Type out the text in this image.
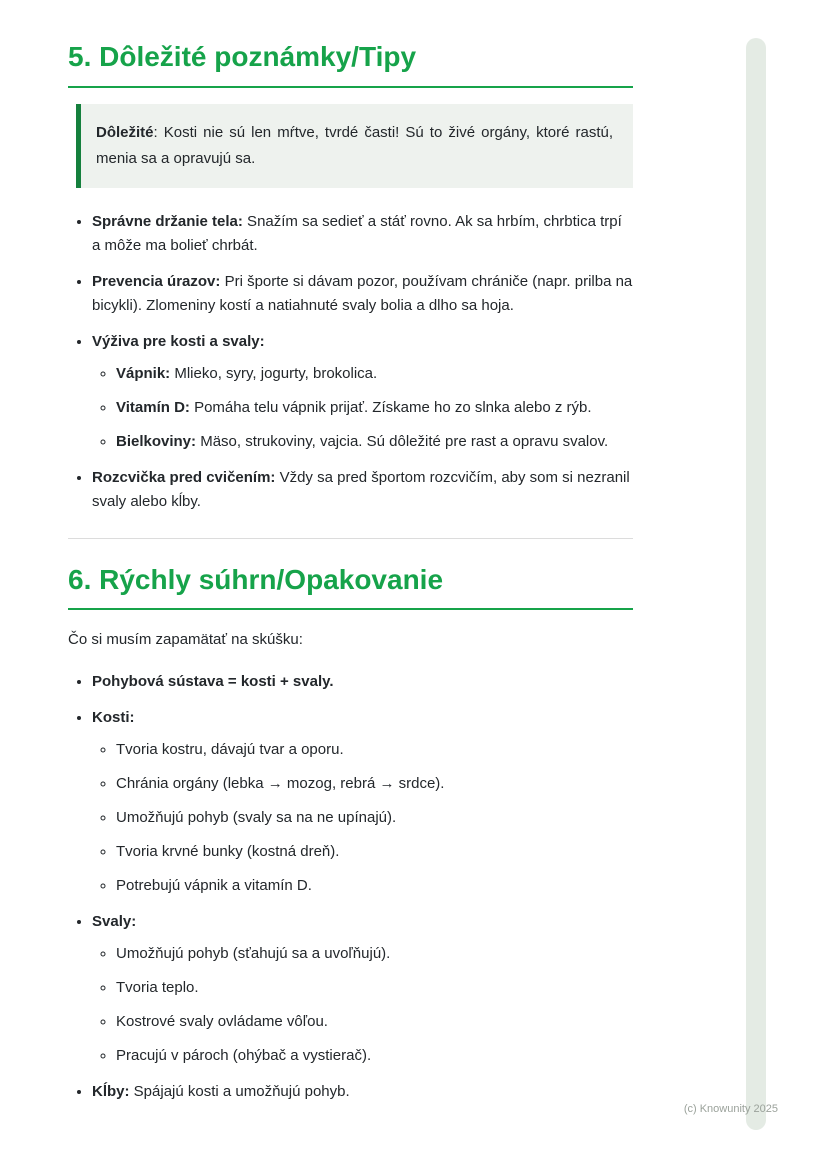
5. Dôležité poznámky/Tipy
Dôležité: Kosti nie sú len mŕtve, tvrdé časti! Sú to živé orgány, ktoré rastú, menia sa a opravujú sa.
• Správne držanie tela: Snažím sa sedieť a stáť rovno. Ak sa hrbím, chrbtica trpí a môže ma bolieť chrbát.
• Prevencia úrazov: Pri športe si dávam pozor, používam chrániče (napr. prilba na bicykli). Zlomeniny kostí a natiahnuté svaly bolia a dlho sa hoja.
• Výživa pre kosti a svaly:
◦ Vápnik: Mlieko, syry, jogurty, brokolica.
◦ Vitamín D: Pomáha telu vápnik prijať. Získame ho zo slnka alebo z rýb.
◦ Bielkoviny: Mäso, strukoviny, vajcia. Sú dôležité pre rast a opravu svalov.
• Rozcvička pred cvičením: Vždy sa pred športom rozcvičím, aby som si nezranil svaly alebo kĺby.
6. Rýchly súhrn/Opakovanie

Čo si musím zapamätať na skúšku:

• Pohybová sústava = kosti + svaly.
• Kosti:
◦ Tvoria kostru, dávajú tvar a oporu.
◦ Chránia orgány (lebka → mozog, rebrá → srdce).
◦ Umožňujú pohyb (svaly sa na ne upínajú).
◦ Tvoria krvné bunky (kostná dreň).
◦ Potrebujú vápnik a vitamín D.
• Svaly:
◦ Umožňujú pohyb (sťahujú sa a uvoľňujú).
◦ Tvoria teplo.
◦ Kostrové svaly ovládame vôľou.
◦ Pracujú v pároch (ohýbač a vystierač).
• Kĺby: Spájajú kosti a umožňujú pohyb.
(c) Knowunity 2025
